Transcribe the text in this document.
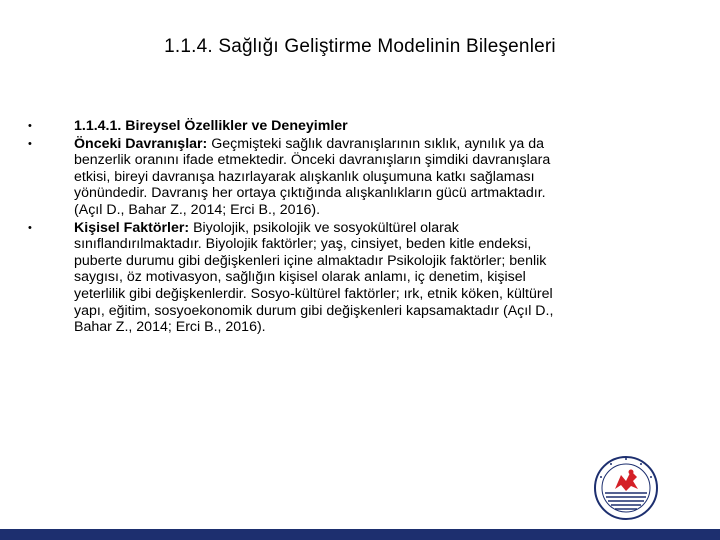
1.1.4. Sağlığı Geliştirme Modelinin Bileşenleri
•	1.1.4.1. Bireysel Özellikler ve Deneyimler
•	Önceki Davranışlar: Geçmişteki sağlık davranışlarının sıklık, aynılık ya da benzerlik oranını ifade etmektedir. Önceki davranışların şimdiki davranışlara etkisi, bireyi davranışa hazırlayarak alışkanlık oluşumuna katkı sağlaması yönündedir. Davranış her ortaya çıktığında alışkanlıkların gücü artmaktadır. (Açıl D., Bahar Z., 2014; Erci B., 2016).
•	Kişisel Faktörler: Biyolojik, psikolojik ve sosyokültürel olarak sınıflandırılmaktadır. Biyolojik faktörler; yaş, cinsiyet, beden kitle endeksi, puberte durumu gibi değişkenleri içine almaktadır Psikolojik faktörler; benlik saygısı, öz motivasyon, sağlığın kişisel olarak anlamı, iç denetim, kişisel yeterlilik gibi değişkenlerdir. Sosyo-kültürel faktörler; ırk, etnik köken, kültürel yapı, eğitim, sosyoekonomik durum gibi değişkenleri kapsamaktadır (Açıl D., Bahar Z., 2014; Erci B., 2016).
